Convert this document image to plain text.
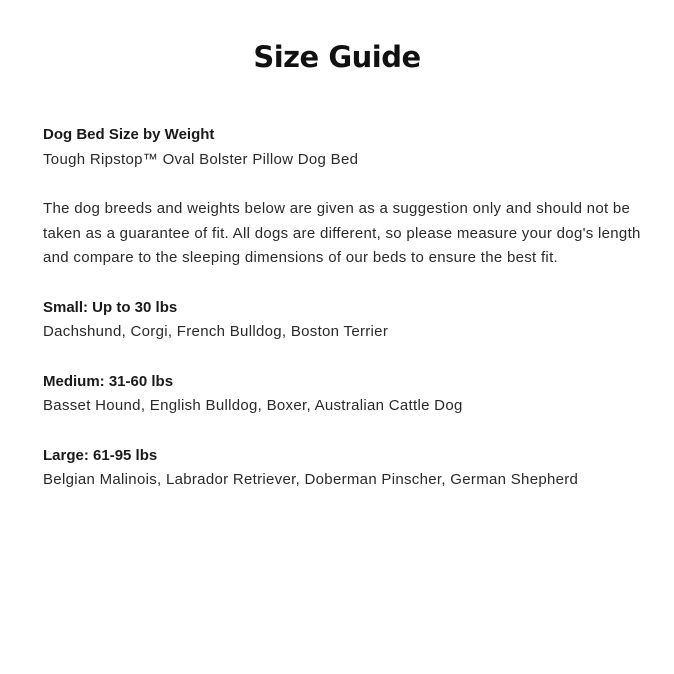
Size Guide
Dog Bed Size by Weight
Tough Ripstop™ Oval Bolster Pillow Dog Bed
The dog breeds and weights below are given as a suggestion only and should not be taken as a guarantee of fit. All dogs are different, so please measure your dog's length and compare to the sleeping dimensions of our beds to ensure the best fit.
Small: Up to 30 lbs
Dachshund, Corgi, French Bulldog, Boston Terrier
Medium: 31-60 lbs
Basset Hound, English Bulldog, Boxer, Australian Cattle Dog
Large: 61-95 lbs
Belgian Malinois, Labrador Retriever, Doberman Pinscher, German Shepherd
